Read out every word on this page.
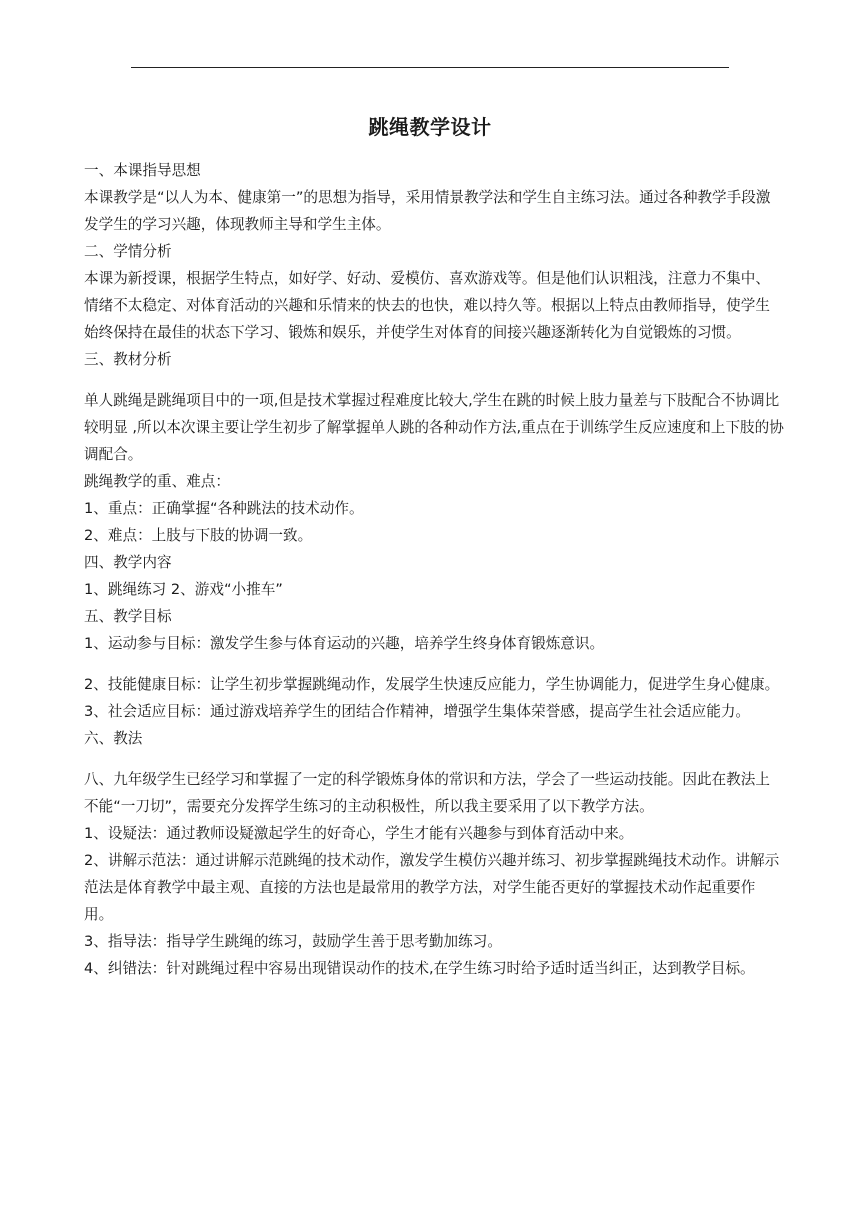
跳绳教学设计

一、本课指导思想

本课教学是“以人为本、健康第一”的思想为指导，采用情景教学法和学生自主练习法。通过各种教学手段激发学生的学习兴趣，体现教师主导和学生主体。

二、学情分析

本课为新授课，根据学生特点，如好学、好动、爱模仿、喜欢游戏等。但是他们认识粗浅，注意力不集中、情绪不太稳定、对体育活动的兴趣和乐情来的快去的也快，难以持久等。根据以上特点由教师指导，使学生始终保持在最佳的状态下学习、锻炼和娱乐，并使学生对体育的间接兴趣逐渐转化为自觉锻炼的习惯。

三、教材分析

单人跳绳是跳绳项目中的一项,但是技术掌握过程难度比较大,学生在跳的时候上肢力量差与下肢配合不协调比较明显 ,所以本次课主要让学生初步了解掌握单人跳的各种动作方法,重点在于训练学生反应速度和上下肢的协调配合。

跳绳教学的重、难点：

1、重点：正确掌握“各种跳法的技术动作。

2、难点：上肢与下肢的协调一致。

四、教学内容

1、跳绳练习 2、游戏“小推车”

五、教学目标

1、运动参与目标：激发学生参与体育运动的兴趣，培养学生终身体育锻炼意识。

2、技能健康目标：让学生初步掌握跳绳动作，发展学生快速反应能力，学生协调能力，促进学生身心健康。

3、社会适应目标：通过游戏培养学生的团结合作精神，增强学生集体荣誉感，提高学生社会适应能力。

六、教法

八、九年级学生已经学习和掌握了一定的科学锻炼身体的常识和方法，学会了一些运动技能。因此在教法上不能“一刀切”，需要充分发挥学生练习的主动积极性，所以我主要采用了以下教学方法。

1、设疑法：通过教师设疑激起学生的好奇心，学生才能有兴趣参与到体育活动中来。

2、讲解示范法：通过讲解示范跳绳的技术动作，激发学生模仿兴趣并练习、初步掌握跳绳技术动作。讲解示范法是体育教学中最主观、直接的方法也是最常用的教学方法，对学生能否更好的掌握技术动作起重要作用。

3、指导法：指导学生跳绳的练习，鼓励学生善于思考勤加练习。

4、纠错法：针对跳绳过程中容易出现错误动作的技术,在学生练习时给予适时适当纠正，达到教学目标。
